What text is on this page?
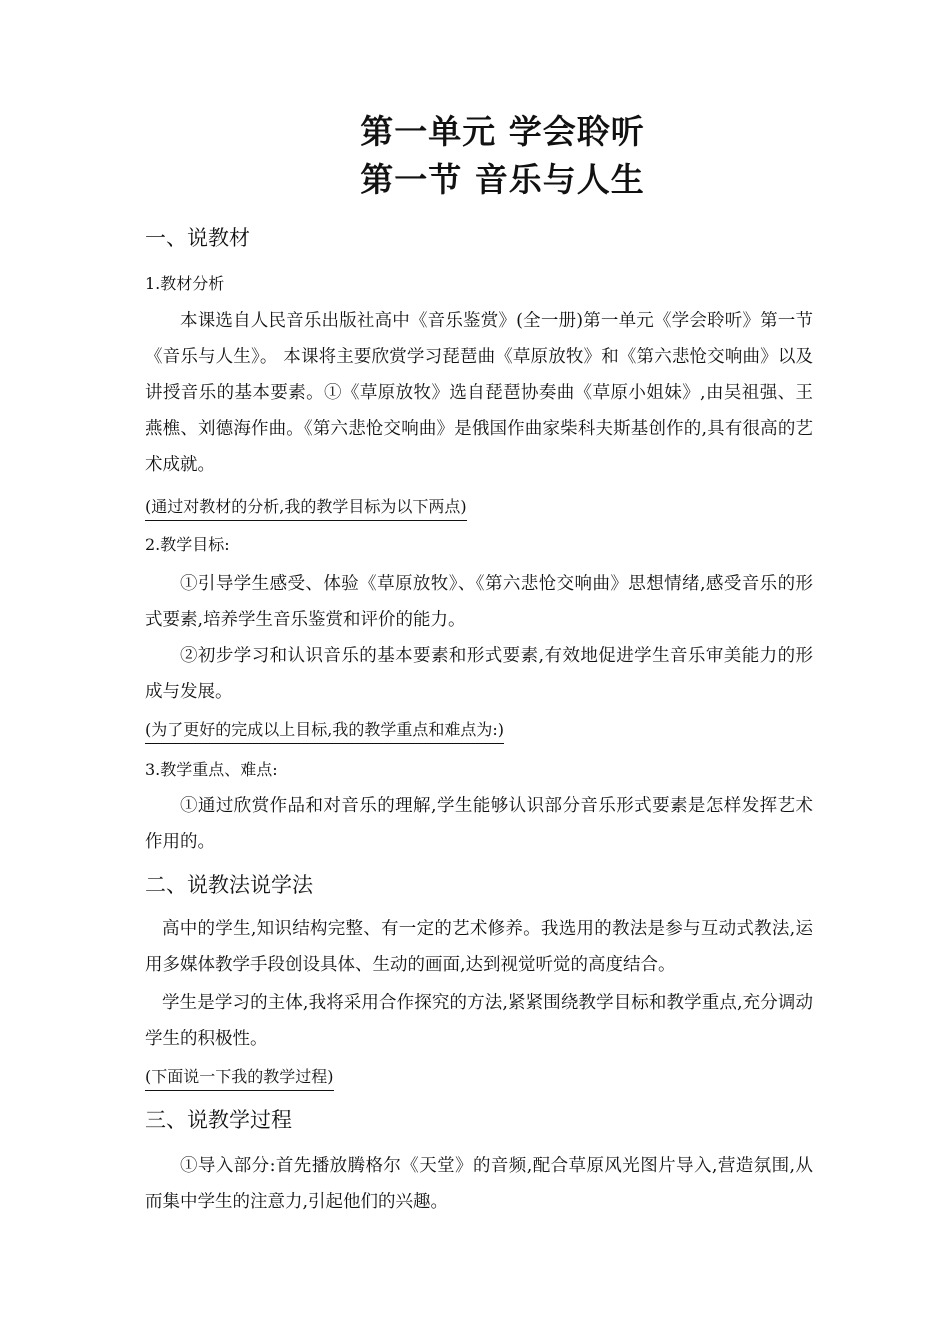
第一单元 学会聆听
第一节 音乐与人生
一、说教材
1.教材分析
本课选自人民音乐出版社高中《音乐鉴赏》(全一册)第一单元《学会聆听》第一节《音乐与人生》。 本课将主要欣赏学习琵琶曲《草原放牧》和《第六悲怆交响曲》以及讲授音乐的基本要素。①《草原放牧》选自琵琶协奏曲《草原小姐妹》,由吴祖强、王燕樵、刘德海作曲。《第六悲怆交响曲》是俄国作曲家柴科夫斯基创作的,具有很高的艺术成就。
(通过对教材的分析,我的教学目标为以下两点)
2.教学目标:
①引导学生感受、体验《草原放牧》、《第六悲怆交响曲》思想情绪,感受音乐的形式要素,培养学生音乐鉴赏和评价的能力。
②初步学习和认识音乐的基本要素和形式要素,有效地促进学生音乐审美能力的形成与发展。
(为了更好的完成以上目标,我的教学重点和难点为:)
3.教学重点、难点:
①通过欣赏作品和对音乐的理解,学生能够认识部分音乐形式要素是怎样发挥艺术作用的。
二、说教法说学法
高中的学生,知识结构完整、有一定的艺术修养。我选用的教法是参与互动式教法,运用多媒体教学手段创设具体、生动的画面,达到视觉听觉的高度结合。
学生是学习的主体,我将采用合作探究的方法,紧紧围绕教学目标和教学重点,充分调动学生的积极性。
(下面说一下我的教学过程)
三、说教学过程
①导入部分:首先播放腾格尔《天堂》的音频,配合草原风光图片导入,营造氛围,从而集中学生的注意力,引起他们的兴趣。
